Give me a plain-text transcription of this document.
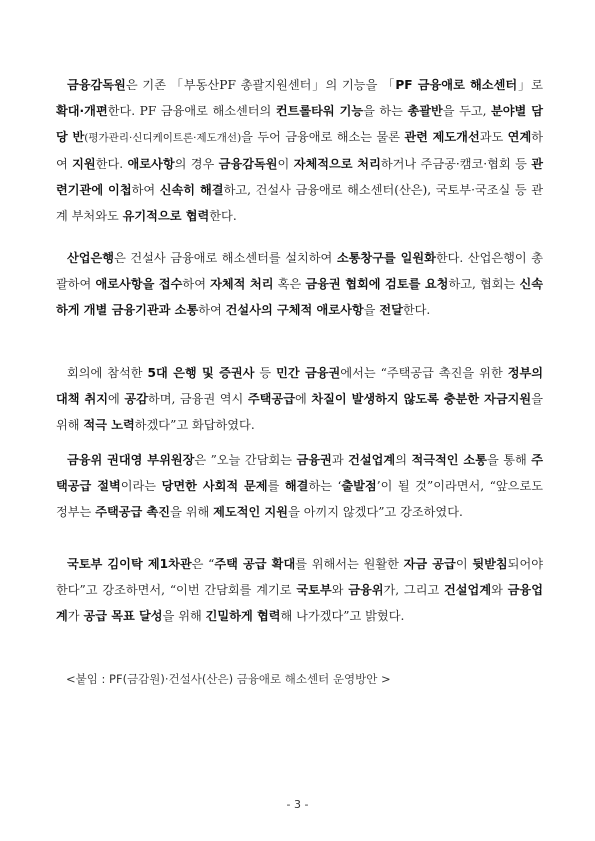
금융감독원은 기존 「부동산PF 총괄지원센터」의 기능을 「PF 금융애로 해소센터」로 확대·개편한다. PF 금융애로 해소센터의 컨트롤타워 기능을 하는 총괄반을 두고, 분야별 담당 반(평가관리·신디케이트론·제도개선)을 두어 금융애로 해소는 물론 관련 제도개선과도 연계하여 지원한다. 애로사항의 경우 금융감독원이 자체적으로 처리하거나 주금공·캠코·협회 등 관련기관에 이첩하여 신속히 해결하고, 건설사 금융애로 해소센터(산은), 국토부·국조실 등 관계 부처와도 유기적으로 협력한다.

산업은행은 건설사 금융애로 해소센터를 설치하여 소통창구를 일원화한다. 산업은행이 총괄하여 애로사항을 접수하여 자체적 처리 혹은 금융권 협회에 검토를 요청하고, 협회는 신속하게 개별 금융기관과 소통하여 건설사의 구체적 애로사항을 전달한다.

회의에 참석한 5대 은행 및 증권사 등 민간 금융권에서는 “주택공급 촉진을 위한 정부의 대책 취지에 공감하며, 금융권 역시 주택공급에 차질이 발생하지 않도록 충분한 자금지원을 위해 적극 노력하겠다”고 화답하였다.

금융위 권대영 부위원장은 ”오늘 간담회는 금융권과 건설업계의 적극적인 소통을 통해 주택공급 절벽이라는 당면한 사회적 문제를 해결하는 ‘출발점’이 될 것”이라면서, “앞으로도 정부는 주택공급 촉진을 위해 제도적인 지원을 아끼지 않겠다”고 강조하였다.

국토부 김이탁 제1차관은 “주택 공급 확대를 위해서는 원활한 자금 공급이 뒷받침되어야 한다”고 강조하면서, “이번 간담회를 계기로 국토부와 금융위가, 그리고 건설업계와 금융업계가 공급 목표 달성을 위해 긴밀하게 협력해 나가겠다”고 밝혔다.

<붙임 : PF(금감원)·건설사(산은) 금융애로 해소센터 운영방안 >
- 3 -
